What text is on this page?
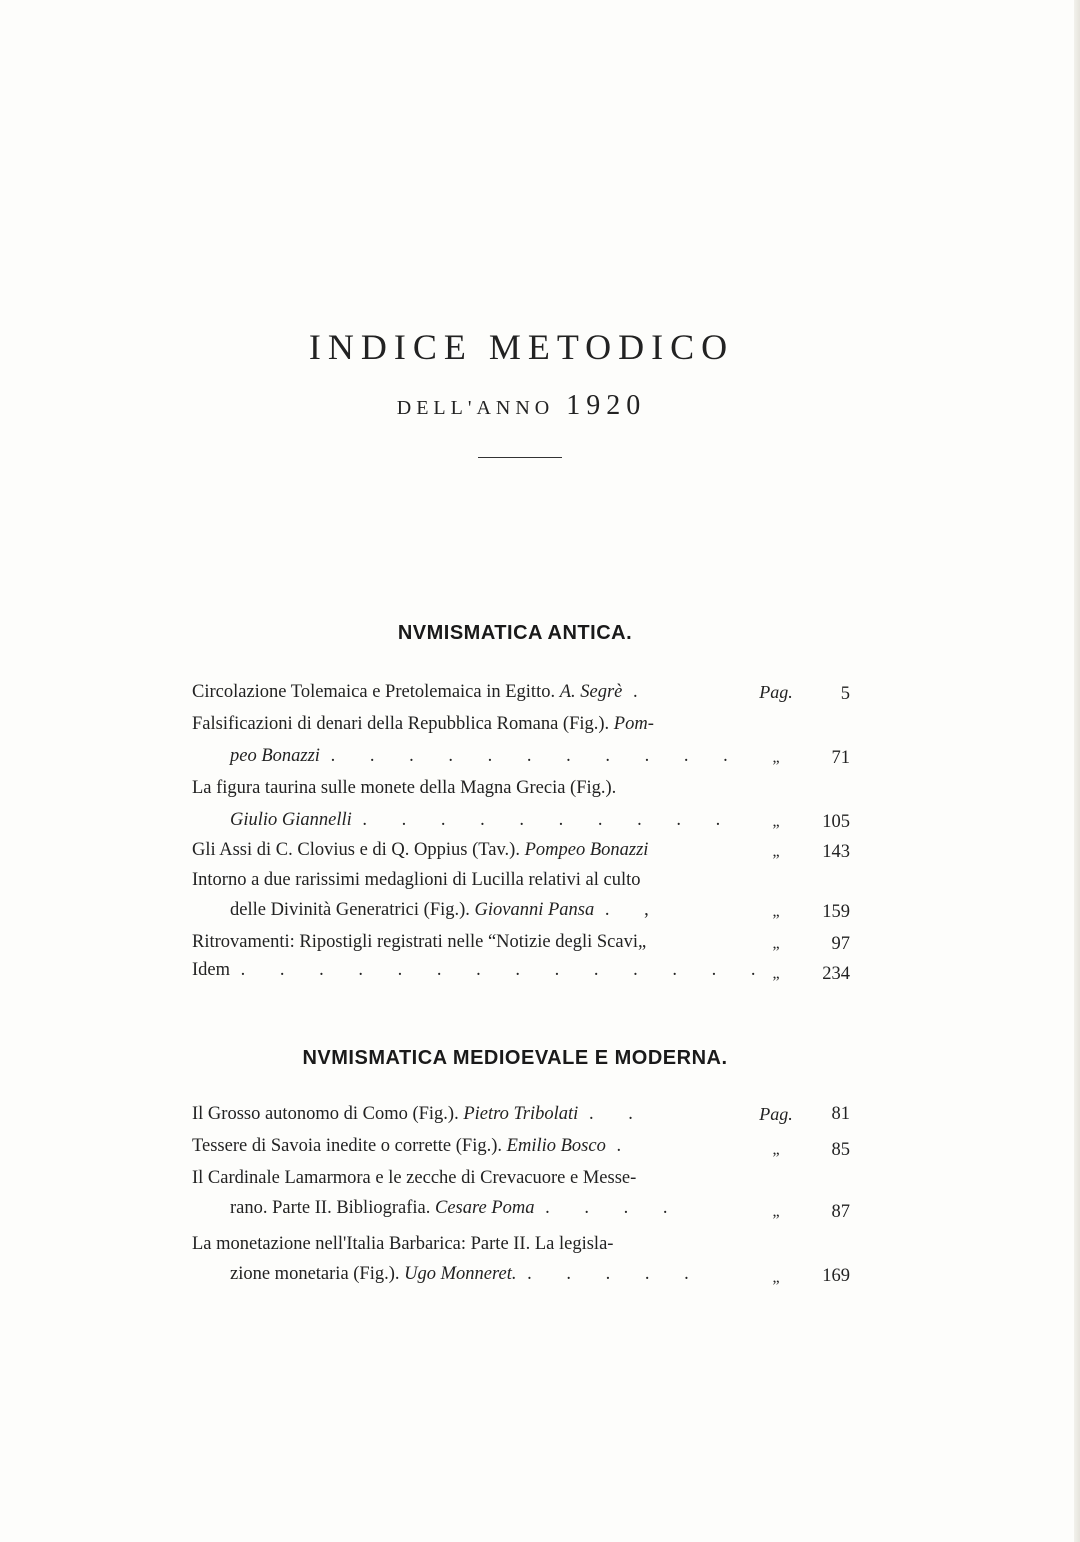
INDICE METODICO
DELL'ANNO 1920
NVMISMATICA ANTICA.
Circolazione Tolemaica e Pretolemaica in Egitto. A. Segrè .	Pag.	5
Falsificazioni di denari della Repubblica Romana (Fig.). Pom-
peo Bonazzi . . . . . . . . . . .	„	71
La figura taurina sulle monete della Magna Grecia (Fig.).
Giulio Giannelli . . . . . . . . . .	„	105
Gli Assi di C. Clovius e di Q. Oppius (Tav.). Pompeo Bonazzi	„	143
Intorno a due rarissimi medaglioni di Lucilla relativi al culto
delle Divinità Generatrici (Fig.). Giovanni Pansa . ,	„	159
Ritrovamenti: Ripostigli registrati nelle “Notizie degli Scavi„	„	97
Idem . . . . . . . . . . . . . . „	234
NVMISMATICA MEDIOEVALE E MODERNA.
Il Grosso autonomo di Como (Fig.). Pietro Tribolati . .	Pag.	81
Tessere di Savoia inedite o corrette (Fig.). Emilio Bosco .	„	85
Il Cardinale Lamarmora e le zecche di Crevacuore e Messe-
rano. Parte II. Bibliografia. Cesare Poma . . . .	„	87
La monetazione nell'Italia Barbarica: Parte II. La legisla-
zione monetaria (Fig.). Ugo Monneret. . . . . .	„	169
